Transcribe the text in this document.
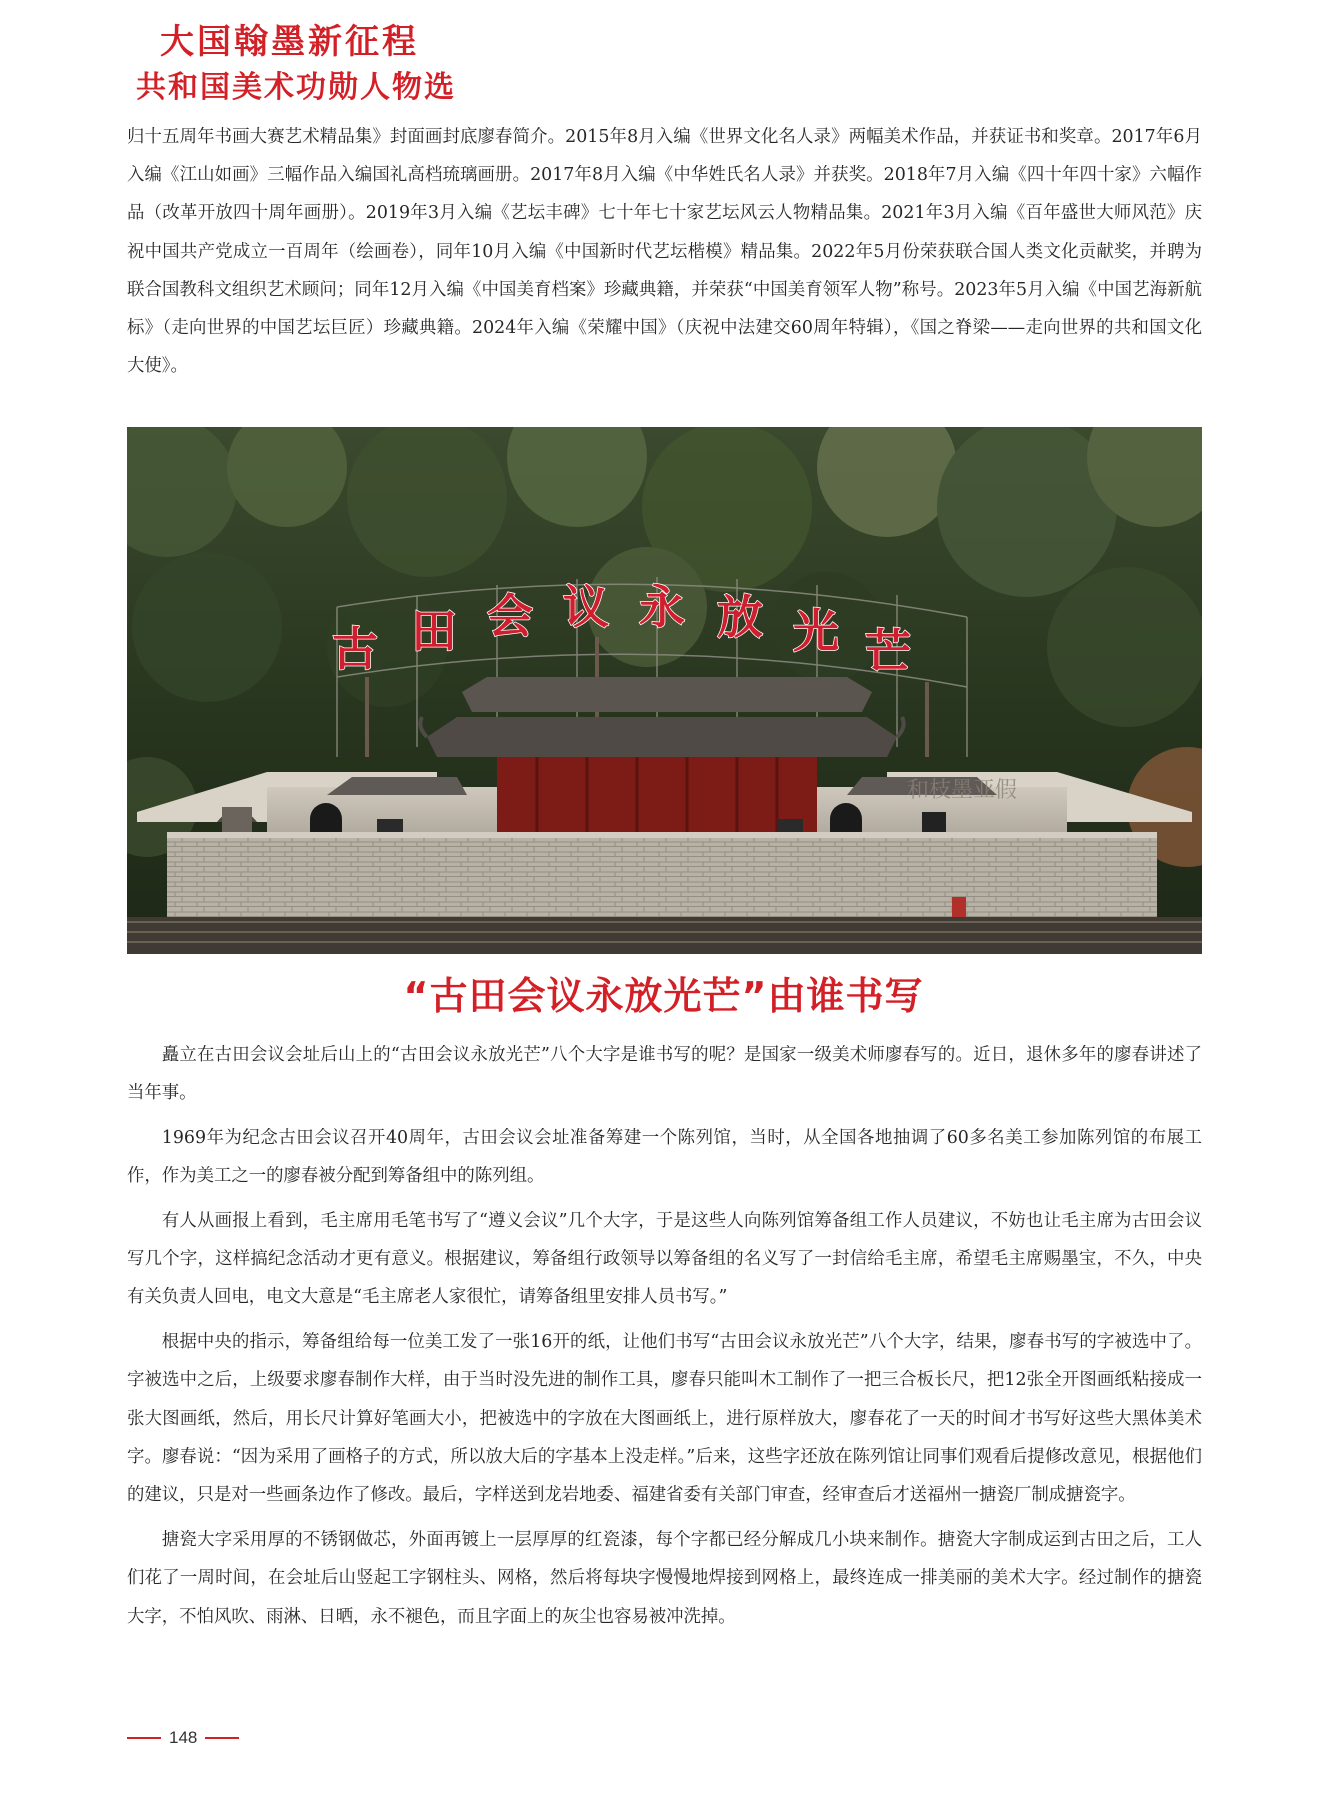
大国翰墨新征程
共和国美术功勋人物选

归十五周年书画大赛艺术精品集》封面画封底廖春简介。2015年8月入编《世界文化名人录》两幅美术作品，并获证书和奖章。2017年6月入编《江山如画》三幅作品入编国礼高档琉璃画册。2017年8月入编《中华姓氏名人录》并获奖。2018年7月入编《四十年四十家》六幅作品（改革开放四十周年画册）。2019年3月入编《艺坛丰碑》七十年七十家艺坛风云人物精品集。2021年3月入编《百年盛世大师风范》庆祝中国共产党成立一百周年（绘画卷），同年10月入编《中国新时代艺坛楷模》精品集。2022年5月份荣获联合国人类文化贡献奖，并聘为联合国教科文组织艺术顾问；同年12月入编《中国美育档案》珍藏典籍，并荣获“中国美育领军人物”称号。2023年5月入编《中国艺海新航标》（走向世界的中国艺坛巨匠）珍藏典籍。2024年入编《荣耀中国》（庆祝中法建交60周年特辑），《国之脊梁——走向世界的共和国文化大使》。

古 田 会 议 永 放 光 芒
和枝墨亚假
“古田会议永放光芒”由谁书写

矗立在古田会议会址后山上的“古田会议永放光芒”八个大字是谁书写的呢？是国家一级美术师廖春写的。近日，退休多年的廖春讲述了当年事。

1969年为纪念古田会议召开40周年，古田会议会址准备筹建一个陈列馆，当时，从全国各地抽调了60多名美工参加陈列馆的布展工作，作为美工之一的廖春被分配到筹备组中的陈列组。

有人从画报上看到，毛主席用毛笔书写了“遵义会议”几个大字，于是这些人向陈列馆筹备组工作人员建议，不妨也让毛主席为古田会议写几个字，这样搞纪念活动才更有意义。根据建议，筹备组行政领导以筹备组的名义写了一封信给毛主席，希望毛主席赐墨宝，不久，中央有关负责人回电，电文大意是“毛主席老人家很忙，请筹备组里安排人员书写。”

根据中央的指示，筹备组给每一位美工发了一张16开的纸，让他们书写“古田会议永放光芒”八个大字，结果，廖春书写的字被选中了。字被选中之后，上级要求廖春制作大样，由于当时没先进的制作工具，廖春只能叫木工制作了一把三合板长尺，把12张全开图画纸粘接成一张大图画纸，然后，用长尺计算好笔画大小，把被选中的字放在大图画纸上，进行原样放大，廖春花了一天的时间才书写好这些大黑体美术字。廖春说：“因为采用了画格子的方式，所以放大后的字基本上没走样。”后来，这些字还放在陈列馆让同事们观看后提修改意见，根据他们的建议，只是对一些画条边作了修改。最后，字样送到龙岩地委、福建省委有关部门审查，经审查后才送福州一搪瓷厂制成搪瓷字。

搪瓷大字采用厚的不锈钢做芯，外面再镀上一层厚厚的红瓷漆，每个字都已经分解成几小块来制作。搪瓷大字制成运到古田之后，工人们花了一周时间，在会址后山竖起工字钢柱头、网格，然后将每块字慢慢地焊接到网格上，最终连成一排美丽的美术大字。经过制作的搪瓷大字，不怕风吹、雨淋、日晒，永不褪色，而且字面上的灰尘也容易被冲洗掉。

148
